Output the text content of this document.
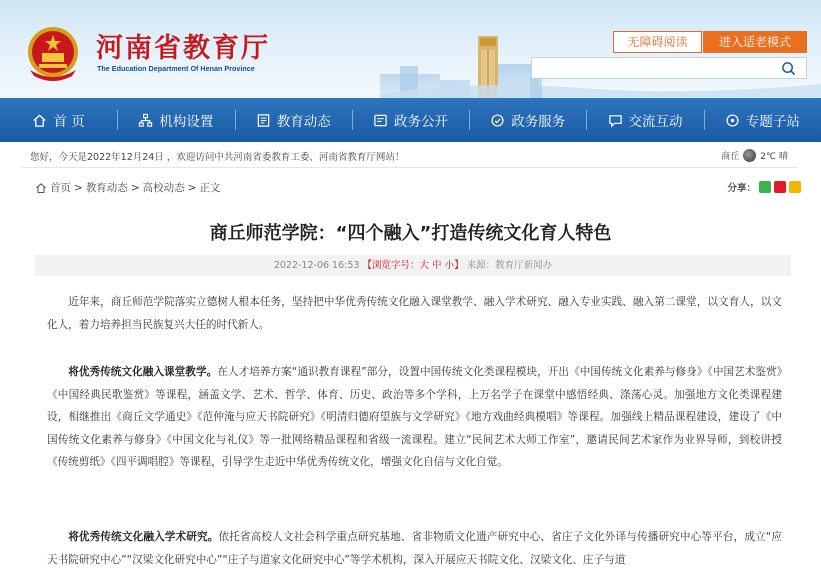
河南省教育厅
The Education Department Of Henan Province
无障碍阅读	进入适老模式
首 页	机构设置	教育动态	政务公开	政务服务	交流互动	专题子站
您好，今天是2022年12月24日 ，欢迎访问中共河南省委教育工委、河南省教育厅网站！	商丘 2℃ 晴
首页 > 教育动态 > 高校动态 > 正文	分享：
商丘师范学院：“四个融入”打造传统文化育人特色
2022-12-06 16:53 【浏览字号：大 中 小】 来源：教育厅新闻办

近年来，商丘师范学院落实立德树人根本任务，坚持把中华优秀传统文化融入课堂教学、融入学术研究、融入专业实践、融入第二课堂，以文育人，以文化人，着力培养担当民族复兴大任的时代新人。

将优秀传统文化融入课堂教学。在人才培养方案“通识教育课程”部分，设置中国传统文化类课程模块，开出《中国传统文化素养与修身》《中国艺术鉴赏》《中国经典民歌鉴赏》等课程，涵盖文学、艺术、哲学、体育、历史、政治等多个学科，上万名学子在课堂中感悟经典、涤荡心灵。加强地方文化类课程建设，相继推出《商丘文学通史》《范仲淹与应天书院研究》《明清归德府望族与文学研究》《地方戏曲经典模唱》等课程。加强线上精品课程建设，建设了《中国传统文化素养与修身》《中国文化与礼仪》等一批网络精品课程和省级一流课程。建立“民间艺术大师工作室”，邀请民间艺术家作为业界导师，到校讲授《传统剪纸》《四平调唱腔》等课程，引导学生走近中华优秀传统文化，增强文化自信与文化自觉。

将优秀传统文化融入学术研究。依托省高校人文社会科学重点研究基地、省非物质文化遗产研究中心、省庄子文化外译与传播研究中心等平台，成立“应天书院研究中心”“汉梁文化研究中心”“庄子与道家文化研究中心”等学术机构，深入开展应天书院文化、汉梁文化、庄子与道
